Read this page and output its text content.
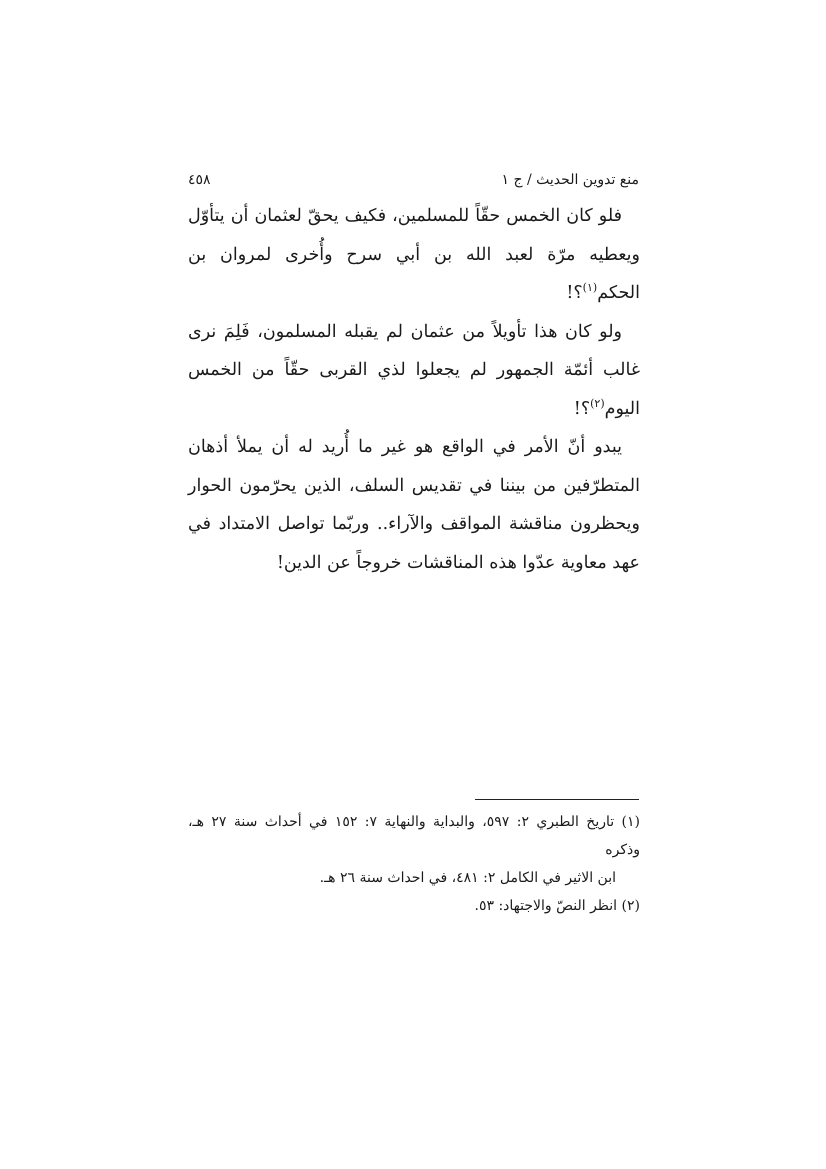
منع تدوين الحديث / ج ١
٤٥٨

فلو كان الخمس حقّاً للمسلمين، فكيف يحقّ لعثمان أن يتأوّل ويعطيه مرّة لعبد الله بن أبي سرح وأُخرى لمروان بن الحكم$^{(١)}$؟!

ولو كان هذا تأويلاً من عثمان لم يقبله المسلمون، فَلِمَ نرى غالب أئمّة الجمهور لم يجعلوا لذي القربى حقّاً من الخمس اليوم$^{(٢)}$؟!

يبدو أنّ الأمر في الواقع هو غير ما أُريد له أن يملأ أذهان المتطرّفين من بيننا في تقديس السلف، الذين يحرّمون الحوار ويحظرون مناقشة المواقف والآراء.. وربّما تواصل الامتداد في عهد معاوية عدّوا هذه المناقشات خروجاً عن الدين!

(١) تاريخ الطبري ٢: ٥٩٧، والبداية والنهاية ٧: ١٥٢ في أحداث سنة ٢٧ هـ، وذكره

ابن الاثير في الكامل ٢: ٤٨١، في احداث سنة ٢٦ هـ.

(٢) انظر النصّ والاجتهاد: ٥٣.
